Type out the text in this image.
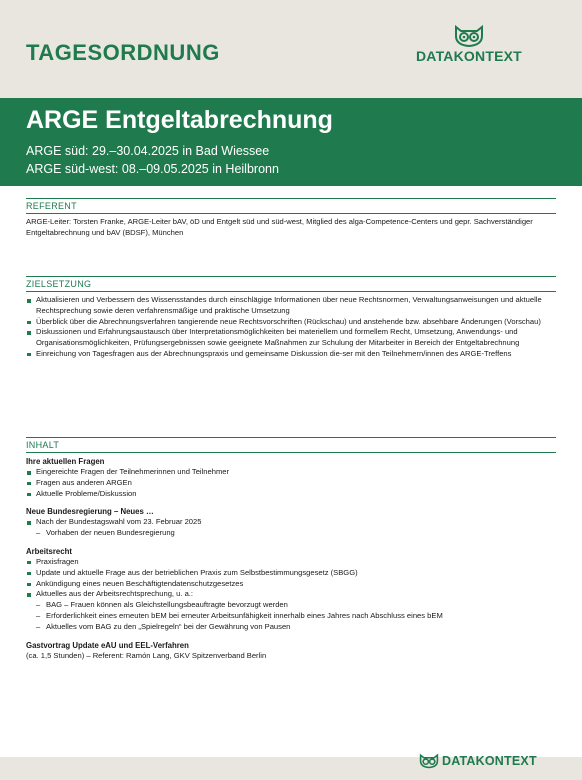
TAGESORDNUNG	DATAKONTEXT
ARGE Entgeltabrechnung
ARGE süd: 29.–30.04.2025 in Bad Wiessee
ARGE süd-west: 08.–09.05.2025 in Heilbronn
REFERENT
ARGE-Leiter: Torsten Franke, ARGE-Leiter bAV, öD und Entgelt süd und süd-west, Mitglied des alga-Competence-Centers und gepr. Sachverständiger Entgeltabrechnung und bAV (BDSF), München
ZIELSETZUNG
Aktualisieren und Verbessern des Wissensstandes durch einschlägige Informationen über neue Rechtsnormen, Verwaltungsanweisungen und aktuelle Rechtsprechung sowie deren verfahrensmäßige und praktische Umsetzung
Überblick über die Abrechnungsverfahren tangierende neue Rechtsvorschriften (Rückschau) und anstehende bzw. absehbare Änderungen (Vorschau)
Diskussionen und Erfahrungsaustausch über Interpretationsmöglichkeiten bei materiellem und formellem Recht, Umsetzung, Anwendungs- und Organisationsmöglichkeiten, Prüfungsergebnissen sowie geeignete Maßnahmen zur Schulung der Mitarbeiter in Bereich der Entgeltabrechnung
Einreichung von Tagesfragen aus der Abrechnungspraxis und gemeinsame Diskussion die-ser mit den Teilnehmern/innen des ARGE-Treffens
INHALT
Ihre aktuellen Fragen
Eingereichte Fragen der Teilnehmerinnen und Teilnehmer
Fragen aus anderen ARGEn
Aktuelle Probleme/Diskussion
Neue Bundesregierung – Neues …
Nach der Bundestagswahl vom 23. Februar 2025
– Vorhaben der neuen Bundesregierung
Arbeitsrecht
Praxisfragen
Update und aktuelle Frage aus der betrieblichen Praxis zum Selbstbestimmungsgesetz (SBGG)
Ankündigung eines neuen Beschäftigtendatenschutzgesetzes
Aktuelles aus der Arbeitsrechtsprechung, u. a.:
– BAG – Frauen können als Gleichstellungsbeauftragte bevorzugt werden
– Erforderlichkeit eines erneuten bEM bei erneuter Arbeitsunfähigkeit innerhalb eines Jahres nach Abschluss eines bEM
– Aktuelles vom BAG zu den „Spielregeln“ bei der Gewährung von Pausen
Gastvortrag Update eAU und EEL-Verfahren
(ca. 1,5 Stunden) – Referent: Ramón Lang, GKV Spitzenverband Berlin
DATAKONTEXT
